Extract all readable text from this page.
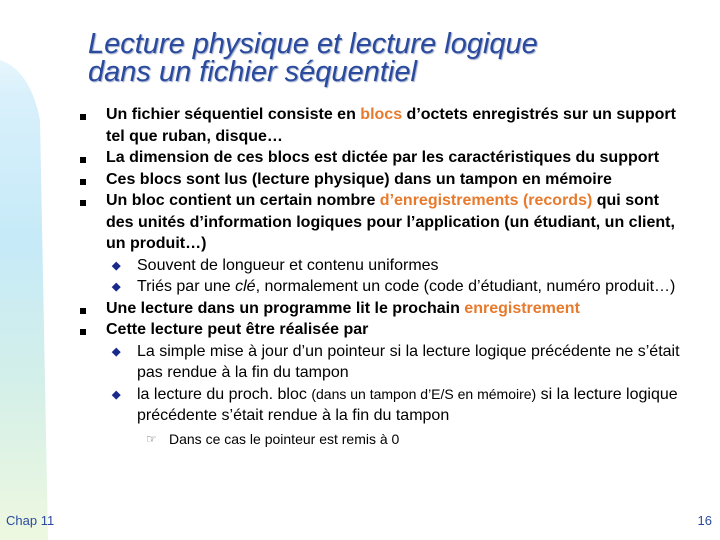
Lecture physique et lecture logique
dans un fichier séquentiel
Un fichier séquentiel consiste en blocs d’octets enregistrés sur un support tel que ruban, disque…
La dimension de ces blocs est dictée par les caractéristiques du support
Ces blocs sont lus (lecture physique) dans un tampon en mémoire
Un bloc contient un certain nombre d’enregistrements (records) qui sont des unités d’information logiques pour l’application (un étudiant, un client, un produit…)
◆ Souvent de longueur et contenu uniformes
◆ Triés par une clé, normalement un code (code d’étudiant, numéro produit…)
Une lecture dans un programme lit le prochain enregistrement
Cette lecture peut être réalisée par
◆ La simple mise à jour d’un pointeur si la lecture logique précédente ne s’était pas rendue à la fin du tampon
◆ la lecture du proch. bloc (dans un tampon d’E/S en mémoire) si la lecture logique précédente s’était rendue à la fin du tampon
☞ Dans ce cas le pointeur est remis à 0
Chap 11	16
